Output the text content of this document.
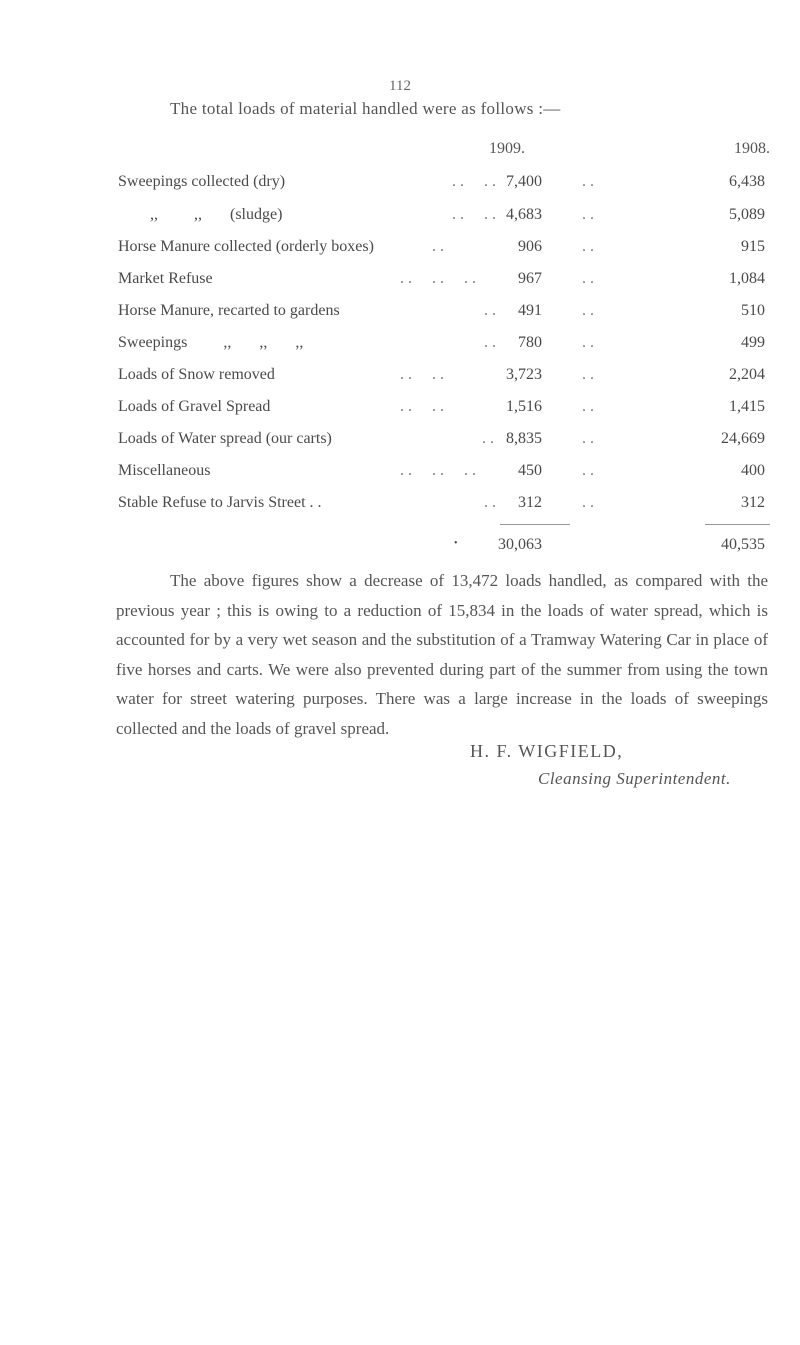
112
The total loads of material handled were as follows :—
1909.	1908.
Sweepings collected (dry)	. .     . . 7,400	. .	6,438
,,         ,,       (sludge)	. .     . . 4,683	. .	5,089
Horse Manure collected (orderly boxes)	. .	906	. .	915
Market Refuse	. .     . .     . .	967	. .	1,084
Horse Manure, recarted to gardens	. .	491	. .	510
Sweepings         ,,       ,,       ,,	. .	780	. .	499
Loads of Snow removed	. .     . .	3,723	. .	2,204
Loads of Gravel Spread	. .     . .	1,516	. .	1,415
Loads of Water spread (our carts)	. . 8,835	. .	24,669
Miscellaneous	. .     . .     . .	450	. .	400
Stable Refuse to Jarvis Street . .	. .	312	. .	312
•	30,063	40,535
The above figures show a decrease of 13,472 loads handled, as compared with the previous year ; this is owing to a reduction of 15,834 in the loads of water spread, which is accounted for by a very wet season and the substitution of a Tramway Watering Car in place of five horses and carts. We were also prevented during part of the summer from using the town water for street watering purposes. There was a large increase in the loads of sweepings collected and the loads of gravel spread.
H. F. WIGFIELD,
Cleansing Superintendent.
